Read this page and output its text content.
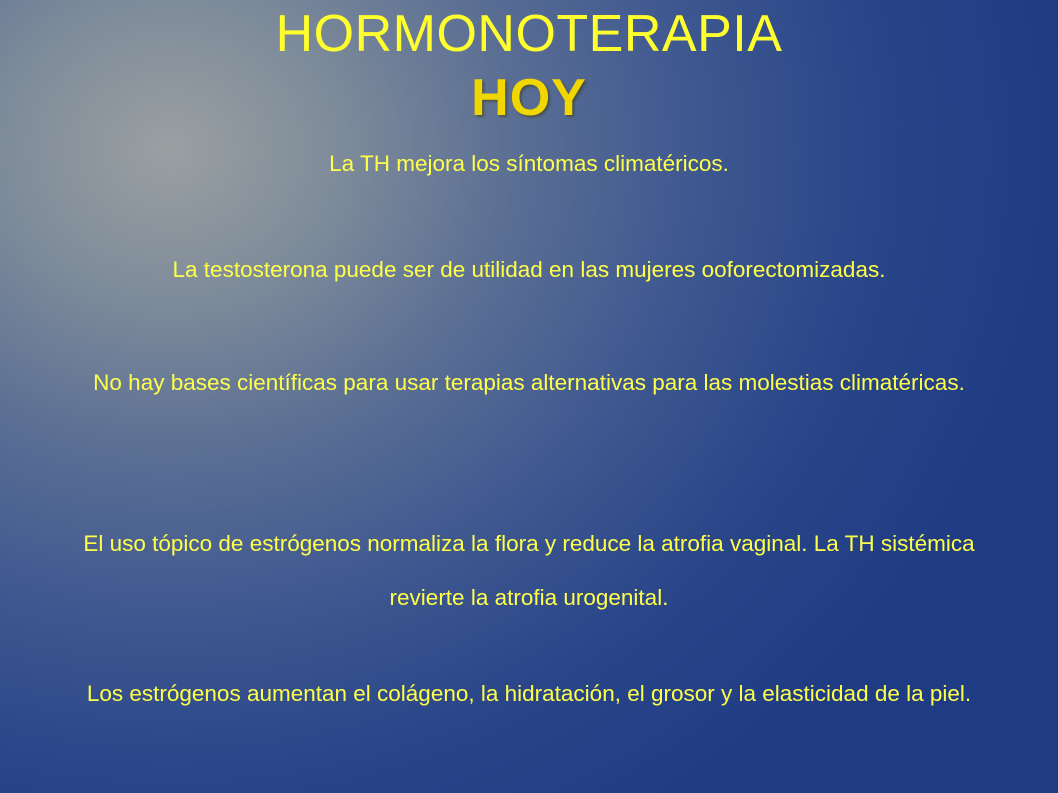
HORMONOTERAPIA
HOY

La TH mejora los síntomas climatéricos.

La testosterona puede ser de utilidad en las mujeres ooforectomizadas.

No hay bases científicas para usar terapias alternativas para las molestias climatéricas.

El uso tópico de estrógenos normaliza la flora y reduce la atrofia vaginal. La TH sistémica revierte la atrofia urogenital.

Los estrógenos aumentan el colágeno, la hidratación, el grosor y la elasticidad de la piel.
